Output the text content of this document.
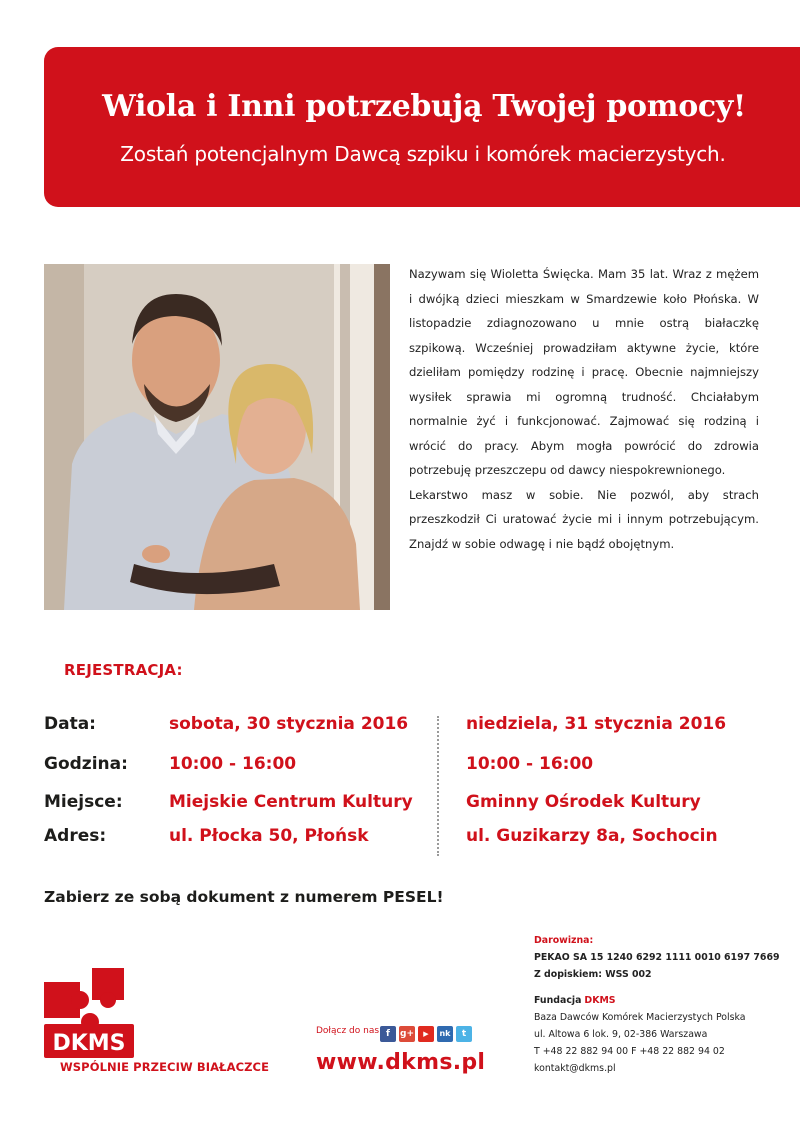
Wiola i Inni potrzebują Twojej pomocy!
Zostań potencjalnym Dawcą szpiku i komórek macierzystych.

Nazywam się Wioletta Święcka. Mam 35 lat. Wraz z mężem i dwójką dzieci mieszkam w Smardzewie koło Płońska. W listopadzie zdiagnozowano u mnie ostrą białaczkę szpikową. Wcześniej prowadziłam aktywne życie, które dzieliłam pomiędzy rodzinę i pracę. Obecnie najmniejszy wysiłek sprawia mi ogromną trudność. Chciałabym normalnie żyć i funkcjonować. Zajmować się rodziną i wrócić do pracy. Abym mogła powrócić do zdrowia potrzebuję przeszczepu od dawcy niespokrewnionego.

Lekarstwo masz w sobie. Nie pozwól, aby strach przeszkodził Ci uratować życie mi i innym potrzebującym. Znajdź w sobie odwagę i nie bądź obojętnym.

REJESTRACJA:
Data:	sobota, 30 stycznia 2016	niedziela, 31 stycznia 2016
Godzina: 10:00 - 16:00	10:00 - 16:00
Miejsce:	Miejskie Centrum Kultury	Gminny Ośrodek Kultury
Adres:	ul. Płocka 50, Płońsk	ul. Guzikarzy 8a, Sochocin
Zabierz ze sobą dokument z numerem PESEL!
DKMS
WSPÓLNIE PRZECIW BIAŁACZCE
Dołącz do nas f	g+	▶	nk	t
www.dkms.pl
Darowizna:
PEKAO SA 15 1240 6292 1111 0010 6197 7669
Z dopiskiem: WSS 002
Fundacja DKMS
Baza Dawców Komórek Macierzystych Polska
ul. Altowa 6 lok. 9, 02-386 Warszawa
T +48 22 882 94 00 F +48 22 882 94 02
kontakt@dkms.pl
